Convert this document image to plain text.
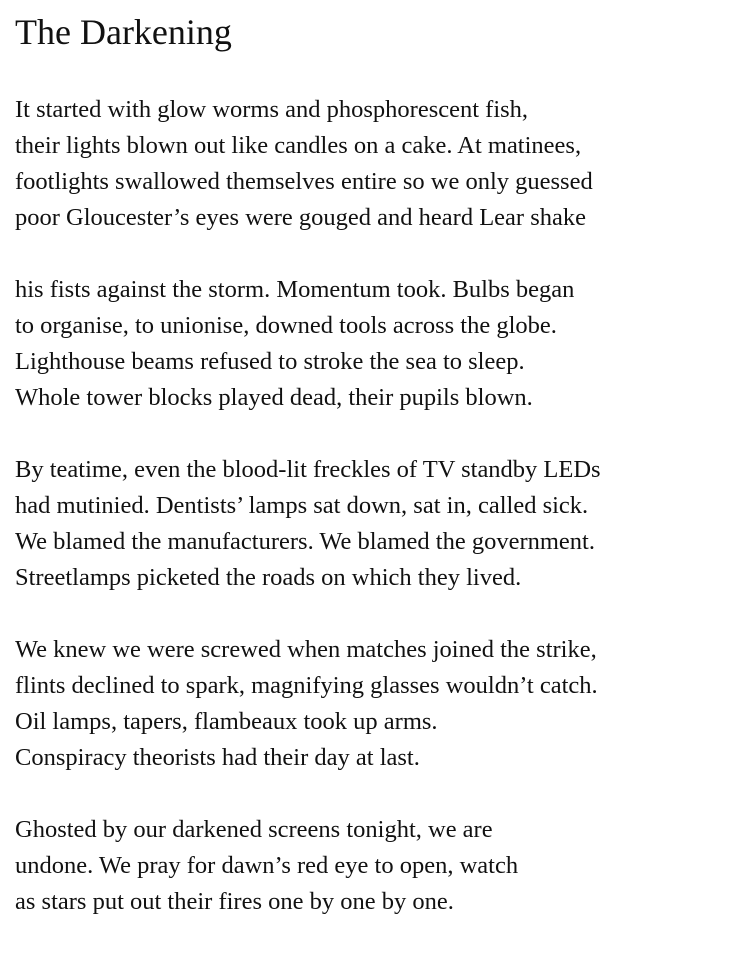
The Darkening
It started with glow worms and phosphorescent fish,
their lights blown out like candles on a cake. At matinees,
footlights swallowed themselves entire so we only guessed
poor Gloucester’s eyes were gouged and heard Lear shake
his fists against the storm. Momentum took. Bulbs began
to organise, to unionise, downed tools across the globe.
Lighthouse beams refused to stroke the sea to sleep.
Whole tower blocks played dead, their pupils blown.
By teatime, even the blood-lit freckles of TV standby LEDs
had mutinied. Dentists’ lamps sat down, sat in, called sick.
We blamed the manufacturers. We blamed the government.
Streetlamps picketed the roads on which they lived.
We knew we were screwed when matches joined the strike,
flints declined to spark, magnifying glasses wouldn’t catch.
Oil lamps, tapers, flambeaux took up arms.
Conspiracy theorists had their day at last.
Ghosted by our darkened screens tonight, we are
undone. We pray for dawn’s red eye to open, watch
as stars put out their fires one by one by one.
